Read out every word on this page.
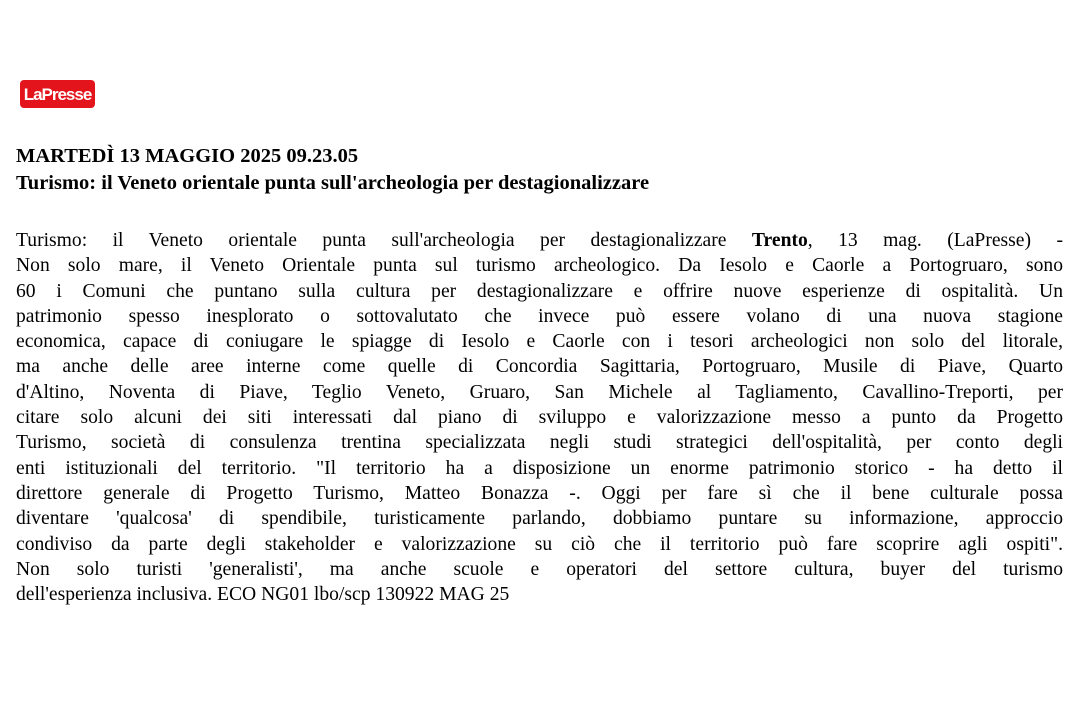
LaPresse
MARTEDÌ 13 MAGGIO 2025 09.23.05
Turismo: il Veneto orientale punta sull'archeologia per destagionalizzare
Turismo: il Veneto orientale punta sull'archeologia per destagionalizzare Trento, 13 mag. (LaPresse) -
Non solo mare, il Veneto Orientale punta sul turismo archeologico. Da Iesolo e Caorle a Portogruaro, sono
60 i Comuni che puntano sulla cultura per destagionalizzare e offrire nuove esperienze di ospitalità. Un
patrimonio spesso inesplorato o sottovalutato che invece può essere volano di una nuova stagione
economica, capace di coniugare le spiagge di Iesolo e Caorle con i tesori archeologici non solo del litorale,
ma anche delle aree interne come quelle di Concordia Sagittaria, Portogruaro, Musile di Piave, Quarto
d'Altino, Noventa di Piave, Teglio Veneto, Gruaro, San Michele al Tagliamento, Cavallino-Treporti, per
citare solo alcuni dei siti interessati dal piano di sviluppo e valorizzazione messo a punto da Progetto
Turismo, società di consulenza trentina specializzata negli studi strategici dell'ospitalità, per conto degli
enti istituzionali del territorio. "Il territorio ha a disposizione un enorme patrimonio storico - ha detto il
direttore generale di Progetto Turismo, Matteo Bonazza -. Oggi per fare sì che il bene culturale possa
diventare 'qualcosa' di spendibile, turisticamente parlando, dobbiamo puntare su informazione, approccio
condiviso da parte degli stakeholder e valorizzazione su ciò che il territorio può fare scoprire agli ospiti".
Non solo turisti 'generalisti', ma anche scuole e operatori del settore cultura, buyer del turismo
dell'esperienza inclusiva. ECO NG01 lbo/scp 130922 MAG 25
